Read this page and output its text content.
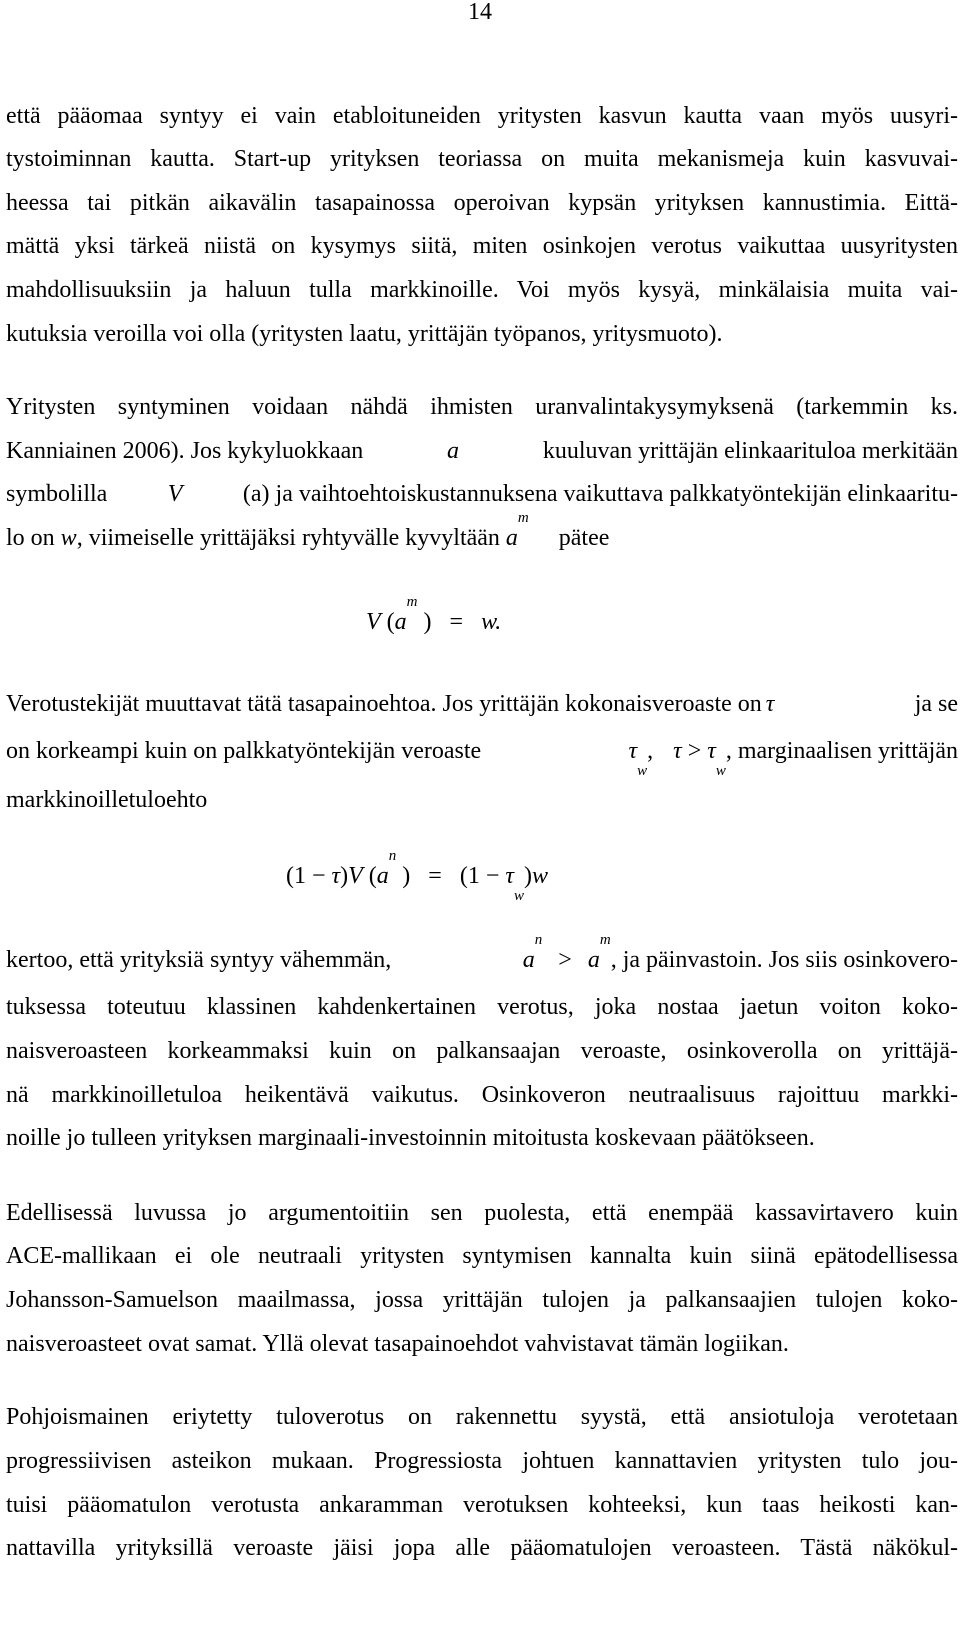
14
että pääomaa syntyy ei vain etabloituneiden yritysten kasvun kautta vaan myös uusyri-
tystoiminnan kautta. Start-up yrityksen teoriassa on muita mekanismeja kuin kasvuvai-
heessa tai pitkän aikavälin tasapainossa operoivan kypsän yrityksen kannustimia. Eittä-
mättä yksi tärkeä niistä on kysymys siitä, miten osinkojen verotus vaikuttaa uusyritysten
mahdollisuuksiin ja haluun tulla markkinoille. Voi myös kysyä, minkälaisia muita vai-
kutuksia veroilla voi olla (yritysten laatu, yrittäjän työpanos, yritysmuoto).
Yritysten syntyminen voidaan nähdä ihmisten uranvalintakysymyksenä (tarkemmin ks.
Kanniainen 2006). Jos kykyluokkaan	a	kuuluvan yrittäjän elinkaarituloa merkitään
symbolilla	V	(a) ja vaihtoehtoiskustannuksena vaikuttava palkkatyöntekijän elinkaaritu-
lo on w, viimeiselle yrittäjäksi ryhtyvälle kyvyltään $a^m$  pätee
V ($a^m$ ) = w.
Verotustekijät muuttavat tätä tasapainoehtoa. Jos yrittäjän kokonaisveroaste on τ	ja se
on korkeampi kuin on palkkatyöntekijän veroaste	$\tau_w$, $\tau > \tau_w$, marginaalisen yrittäjän
markkinoilletuloehto
(1 − τ)V ($a^n$ ) = $(1 - \tau_w)w$
kertoo, että yrityksiä syntyy vähemmän,	$a^n > a^m$, ja päinvastoin. Jos siis osinkovero-
tuksessa toteutuu klassinen kahdenkertainen verotus, joka nostaa jaetun voiton koko-
naisveroasteen korkeammaksi kuin on palkansaajan veroaste, osinkoverolla on yrittäjä-
nä markkinoilletuloa heikentävä vaikutus. Osinkoveron neutraalisuus rajoittuu markki-
noille jo tulleen yrityksen marginaali-investoinnin mitoitusta koskevaan päätökseen.
Edellisessä luvussa jo argumentoitiin sen puolesta, että enempää kassavirtavero kuin
ACE-mallikaan ei ole neutraali yritysten syntymisen kannalta kuin siinä epätodellisessa
Johansson-Samuelson maailmassa, jossa yrittäjän tulojen ja palkansaajien tulojen koko-
naisveroasteet ovat samat. Yllä olevat tasapainoehdot vahvistavat tämän logiikan.
Pohjoismainen eriytetty tuloverotus on rakennettu syystä, että ansiotuloja verotetaan
progressiivisen asteikon mukaan. Progressiosta johtuen kannattavien yritysten tulo jou-
tuisi pääomatulon verotusta ankaramman verotuksen kohteeksi, kun taas heikosti kan-
nattavilla yrityksillä veroaste jäisi jopa alle pääomatulojen veroasteen. Tästä näkökul-
